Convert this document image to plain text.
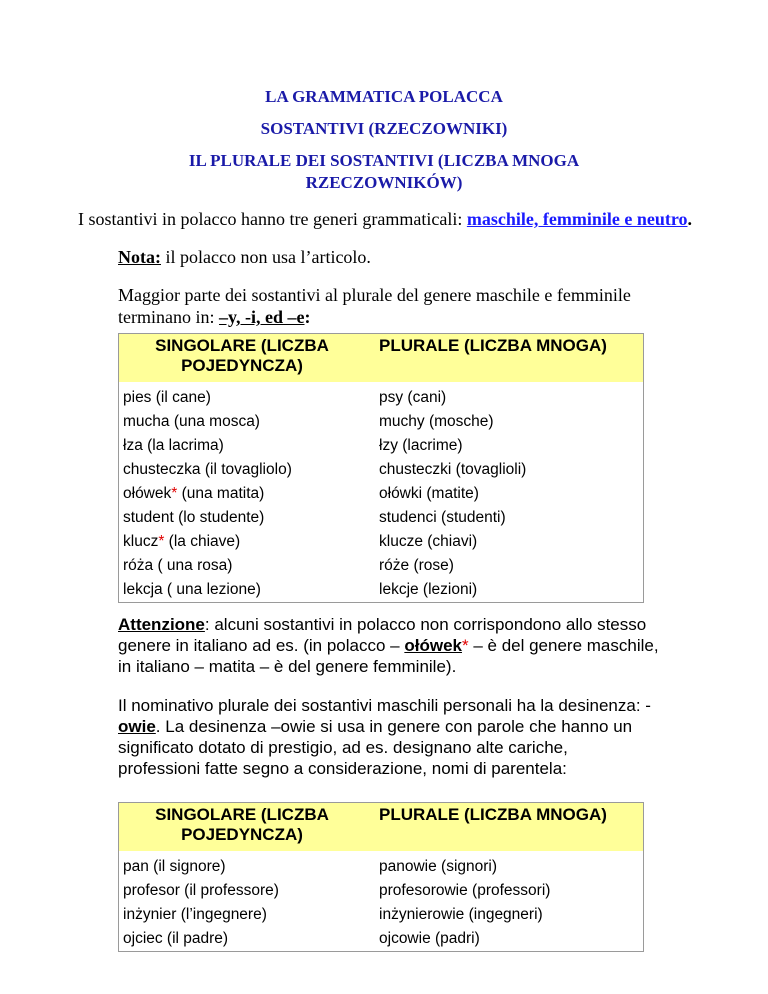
LA GRAMMATICA POLACCA
SOSTANTIVI (RZECZOWNIKI)
IL PLURALE DEI SOSTANTIVI (LICZBA MNOGA
RZECZOWNIKÓW)

I sostantivi in polacco hanno tre generi grammaticali: maschile, femminile e neutro.

Nota: il polacco non usa l’articolo.

Maggior parte dei sostantivi al plurale del genere maschile e femminile terminano in: –y, -i, ed –e:

SINGOLARE (LICZBA POJEDYNCZA)	PLURALE (LICZBA MNOGA)
pies (il cane)	psy (cani)
mucha (una mosca)	muchy (mosche)
łza (la lacrima)	łzy (lacrime)
chusteczka (il tovagliolo)	chusteczki (tovaglioli)
ołówek* (una matita)	ołówki (matite)
student (lo studente)	studenci (studenti)
klucz* (la chiave)	klucze (chiavi)
róża ( una rosa)	róże (rose)
lekcja ( una lezione)	lekcje (lezioni)

Attenzione: alcuni sostantivi in polacco non corrispondono allo stesso genere in italiano ad es. (in polacco – ołówek* – è del genere maschile, in italiano – matita – è del genere femminile).

Il nominativo plurale dei sostantivi maschili personali ha la desinenza: -owie. La desinenza –owie si usa in genere con parole che hanno un significato dotato di prestigio, ad es. designano alte cariche, professioni fatte segno a considerazione, nomi di parentela:

SINGOLARE (LICZBA POJEDYNCZA)	PLURALE (LICZBA MNOGA)
pan (il signore)	panowie (signori)
profesor (il professore)	profesorowie (professori)
inżynier (l’ingegnere)	inżynierowie (ingegneri)
ojciec (il padre)	ojcowie (padri)
